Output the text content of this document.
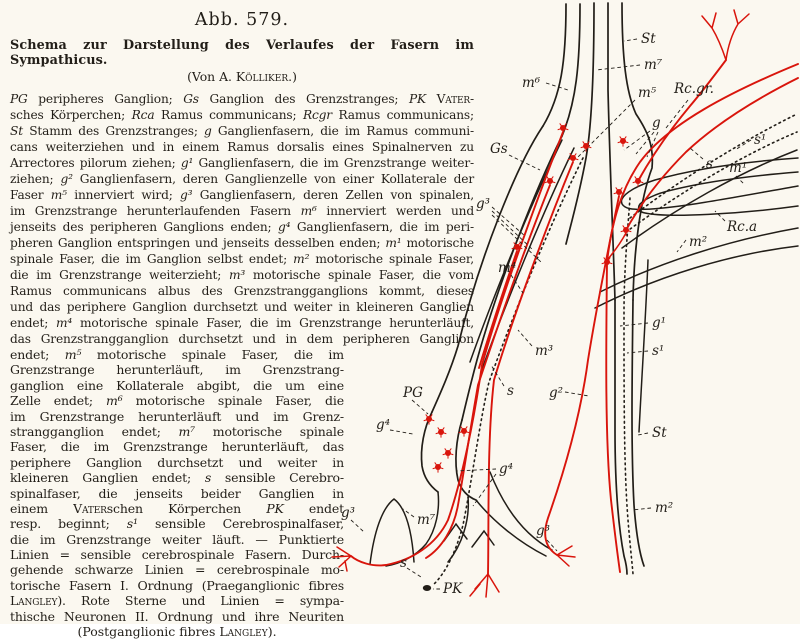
Abb. 579.
Schema zur Darstellung des Verlaufes der Fasern im Sympathicus.
(Von A. Kölliker.)
PG peripheres Ganglion; Gs Ganglion des Grenzstranges; PK Vater-
sches Körperchen; Rca Ramus communicans; Rcgr Ramus communicans;
St Stamm des Grenzstranges; g Ganglienfasern, die im Ramus communi-
cans weiterziehen und in einem Ramus dorsalis eines Spinalnerven zu
Arrectores pilorum ziehen; g¹ Ganglienfasern, die im Grenzstrange weiter-
ziehen; g² Ganglienfasern, deren Ganglienzelle von einer Kollaterale der
Faser m⁵ innerviert wird; g³ Ganglienfasern, deren Zellen von spinalen,
im Grenzstrange herunterlaufenden Fasern m⁶ innerviert werden und
jenseits des peripheren Ganglions enden; g⁴ Ganglienfasern, die im peri-
pheren Ganglion entspringen und jenseits desselben enden; m¹ motorische
spinale Faser, die im Ganglion selbst endet; m² motorische spinale Faser,
die im Grenzstrange weiterzieht; m³ motorische spinale Faser, die vom
Ramus communicans albus des Grenzstrangganglions kommt, dieses
und das periphere Ganglion durchsetzt und weiter in kleineren Ganglien
endet; m⁴ motorische spinale Faser, die im Grenzstrange herunterläuft,
das Grenzstrangganglion durchsetzt und in dem peripheren Ganglion
endet; m⁵ motorische spinale Faser, die im
Grenzstrange herunterläuft, im Grenzstrang-
ganglion eine Kollaterale abgibt, die um eine
Zelle endet; m⁶ motorische spinale Faser, die
im Grenzstrange herunterläuft und im Grenz-
strangganglion endet; m⁷ motorische spinale
Faser, die im Grenzstrange herunterläuft, das
periphere Ganglion durchsetzt und weiter in
kleineren Ganglien endet; s sensible Cerebro-
spinalfaser, die jenseits beider Ganglien in
einem Vaterschen Körperchen PK endet
resp. beginnt; s¹ sensible Cerebrospinalfaser,
die im Grenzstrange weiter läuft. — Punktierte
Linien = sensible cerebrospinale Fasern. Durch-
gehende schwarze Linien = cerebrospinale mo-
torische Fasern I. Ordnung (Praeganglionic fibres
Langley). Rote Sterne und Linien = sympa-
thische Neuronen II. Ordnung und ihre Neuriten
(Postganglionic fibres Langley).
St
m⁷
m⁶
m⁵ Rc.gr.
g
s¹
s m¹
Rc.a
m²
Gs
g³
m⁴
m³
s	g²
g¹
s¹
St
m²
PG
g⁴
g⁴
s
PK
g³
g³
m⁷
